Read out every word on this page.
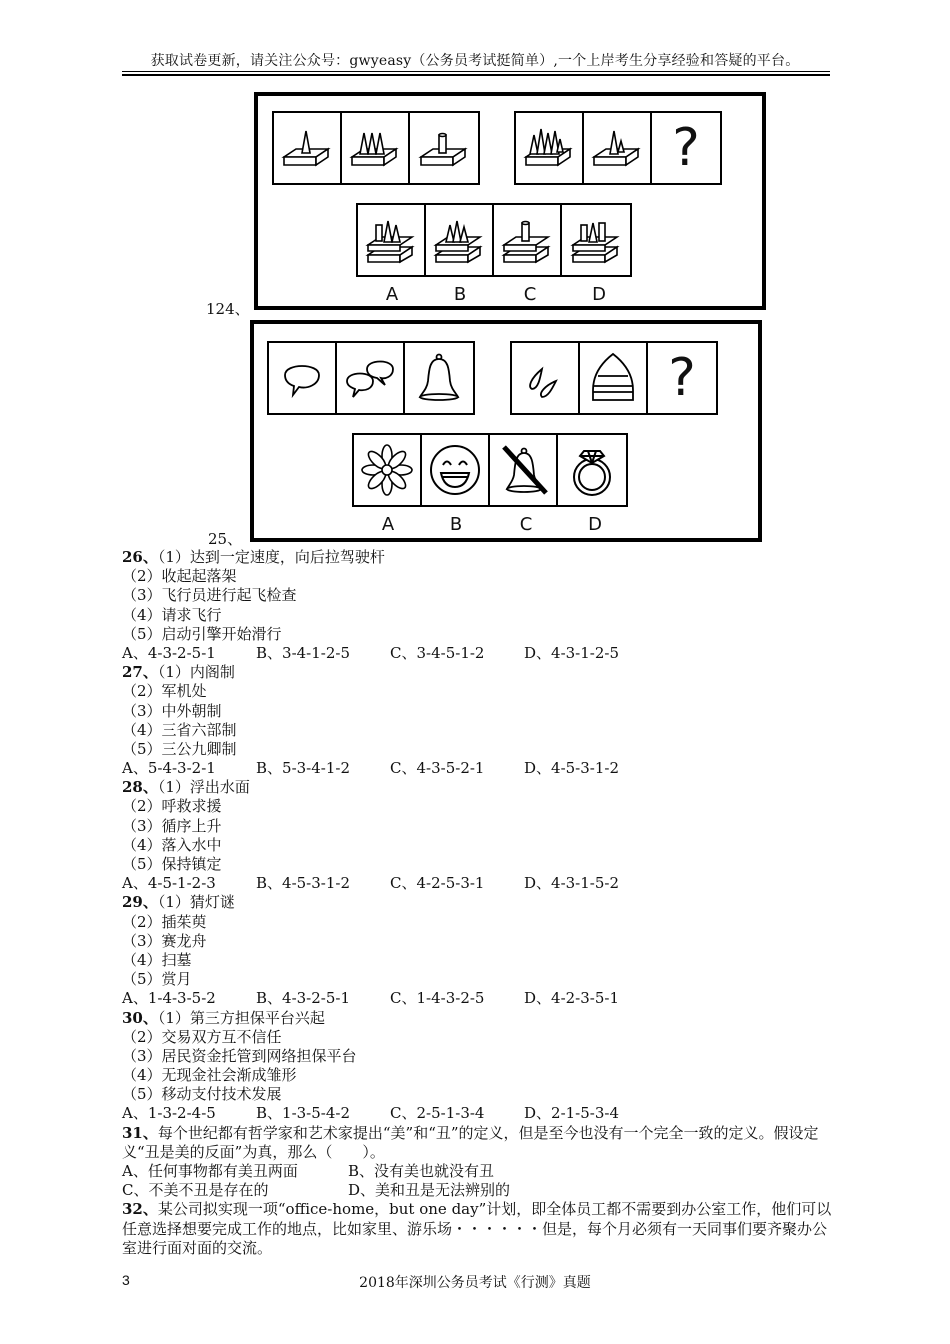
获取试卷更新，请关注公众号：gwyeasy（公务员考试挺简单）,一个上岸考生分享经验和答疑的平台。
?
A	B	C	D
124、
?
A	B	C	D
25、
26、（1）达到一定速度，向后拉驾驶杆
（2）收起起落架
（3）飞行员进行起飞检查
（4）请求飞行
（5）启动引擎开始滑行
A、4-3-2-5-1	B、3-4-1-2-5	C、3-4-5-1-2	D、4-3-1-2-5
27、（1）内阁制
（2）军机处
（3）中外朝制
（4）三省六部制
（5）三公九卿制
A、5-4-3-2-1	B、5-3-4-1-2	C、4-3-5-2-1	D、4-5-3-1-2
28、（1）浮出水面
（2）呼救求援
（3）循序上升
（4）落入水中
（5）保持镇定
A、4-5-1-2-3	B、4-5-3-1-2	C、4-2-5-3-1	D、4-3-1-5-2
29、（1）猜灯谜
（2）插茱萸
（3）赛龙舟
（4）扫墓
（5）赏月
A、1-4-3-5-2	B、4-3-2-5-1	C、1-4-3-2-5	D、4-2-3-5-1
30、（1）第三方担保平台兴起
（2）交易双方互不信任
（3）居民资金托管到网络担保平台
（4）无现金社会渐成雏形
（5）移动支付技术发展
A、1-3-2-4-5	B、1-3-5-4-2	C、2-5-1-3-4	D、2-1-5-3-4
31、每个世纪都有哲学家和艺术家提出“美”和“丑”的定义，但是至今也没有一个完全一致的定义。假设定义“丑是美的反面”为真，那么（　　）。
A、任何事物都有美丑两面	B、没有美也就没有丑
C、不美不丑是存在的	D、美和丑是无法辨别的
32、某公司拟实现一项“office-home，but one day”计划，即全体员工都不需要到办公室工作，他们可以任意选择想要完成工作的地点，比如家里、游乐场・・・・・・但是，每个月必须有一天同事们要齐聚办公室进行面对面的交流。
3	2018年深圳公务员考试《行测》真题
